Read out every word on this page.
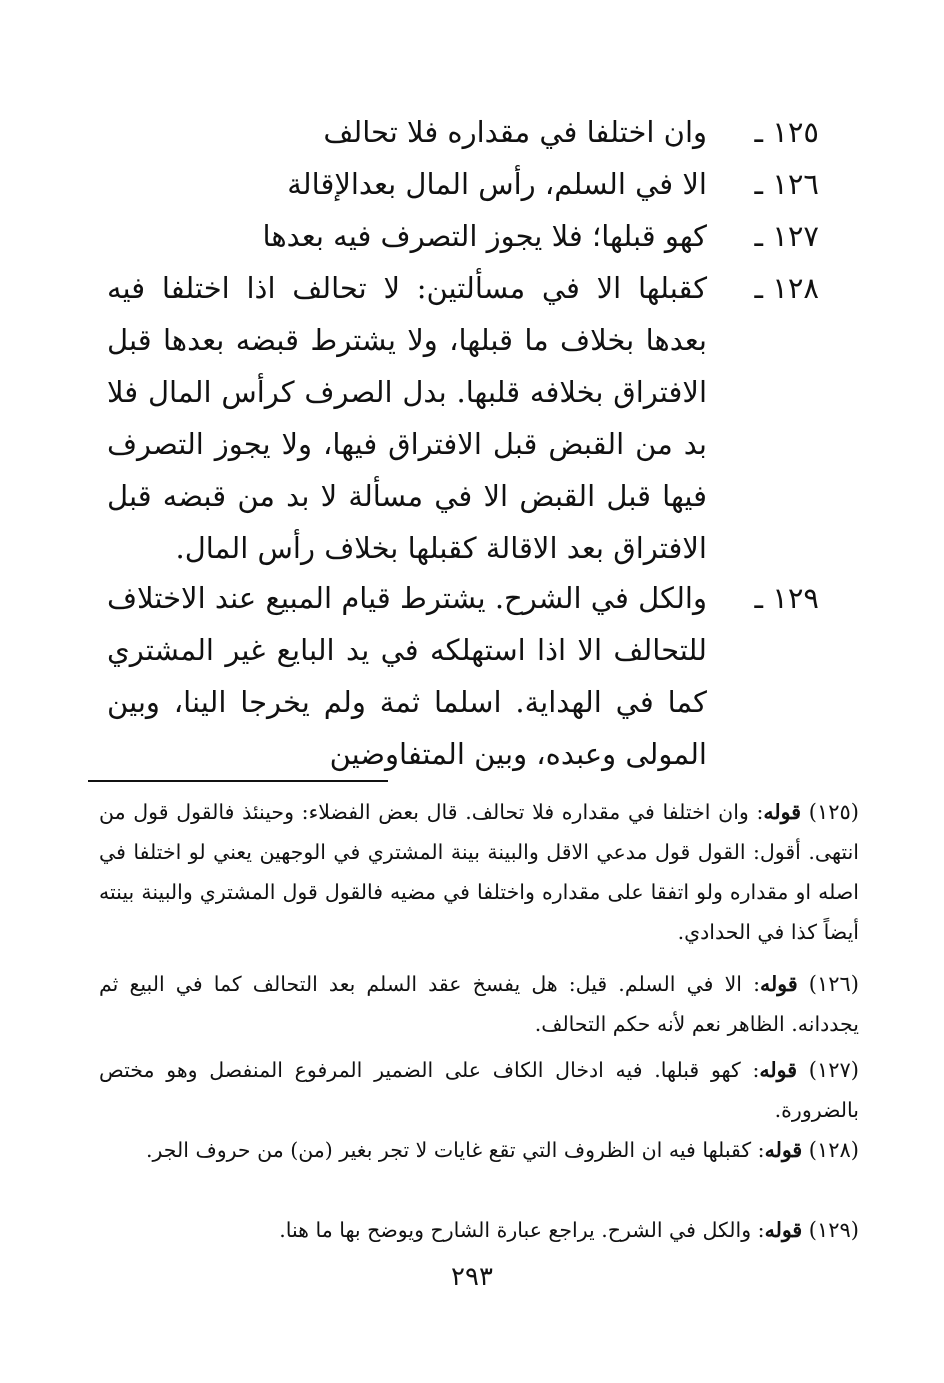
١٢٥ ـ
وان اختلفا في مقداره فلا تحالف
١٢٦ ـ
الا في السلم، رأس المال بعدالإقالة
١٢٧ ـ
كهو قبلها؛ فلا يجوز التصرف فيه بعدها
١٢٨ ـ
كقبلها الا في مسألتين: لا تحالف اذا اختلفا فيه بعدها بخلاف ما قبلها، ولا يشترط قبضه بعدها قبل الافتراق بخلافه قلبها. بدل الصرف كرأس المال فلا بد من القبض قبل الافتراق فيها، ولا يجوز التصرف فيها قبل القبض الا في مسألة لا بد من قبضه قبل الافتراق بعد الاقالة كقبلها بخلاف رأس المال.
١٢٩ ـ
والكل في الشرح. يشترط قيام المبيع عند الاختلاف للتحالف الا اذا استهلكه في يد البايع غير المشتري كما في الهداية. اسلما ثمة ولم يخرجا الينا، وبين المولى وعبده، وبين المتفاوضين
(١٢٥) قوله: وان اختلفا في مقداره فلا تحالف. قال بعض الفضلاء: وحينئذ فالقول قول من انتهى. أقول: القول قول مدعي الاقل والبينة بينة المشتري في الوجهين يعني لو اختلفا في اصله او مقداره ولو اتفقا على مقداره واختلفا في مضيه فالقول قول المشتري والبينة بينته أيضاً كذا في الحدادي.
(١٢٦) قوله: الا في السلم. قيل: هل يفسخ عقد السلم بعد التحالف كما في البيع ثم يجددانه. الظاهر نعم لأنه حكم التحالف.
(١٢٧) قوله: كهو قبلها. فيه ادخال الكاف على الضمير المرفوع المنفصل وهو مختص بالضرورة.
(١٢٨) قوله: كقبلها فيه ان الظروف التي تقع غايات لا تجر بغير (من) من حروف الجر.
(١٢٩) قوله: والكل في الشرح. يراجع عبارة الشارح ويوضح بها ما هنا.
٢٩٣
